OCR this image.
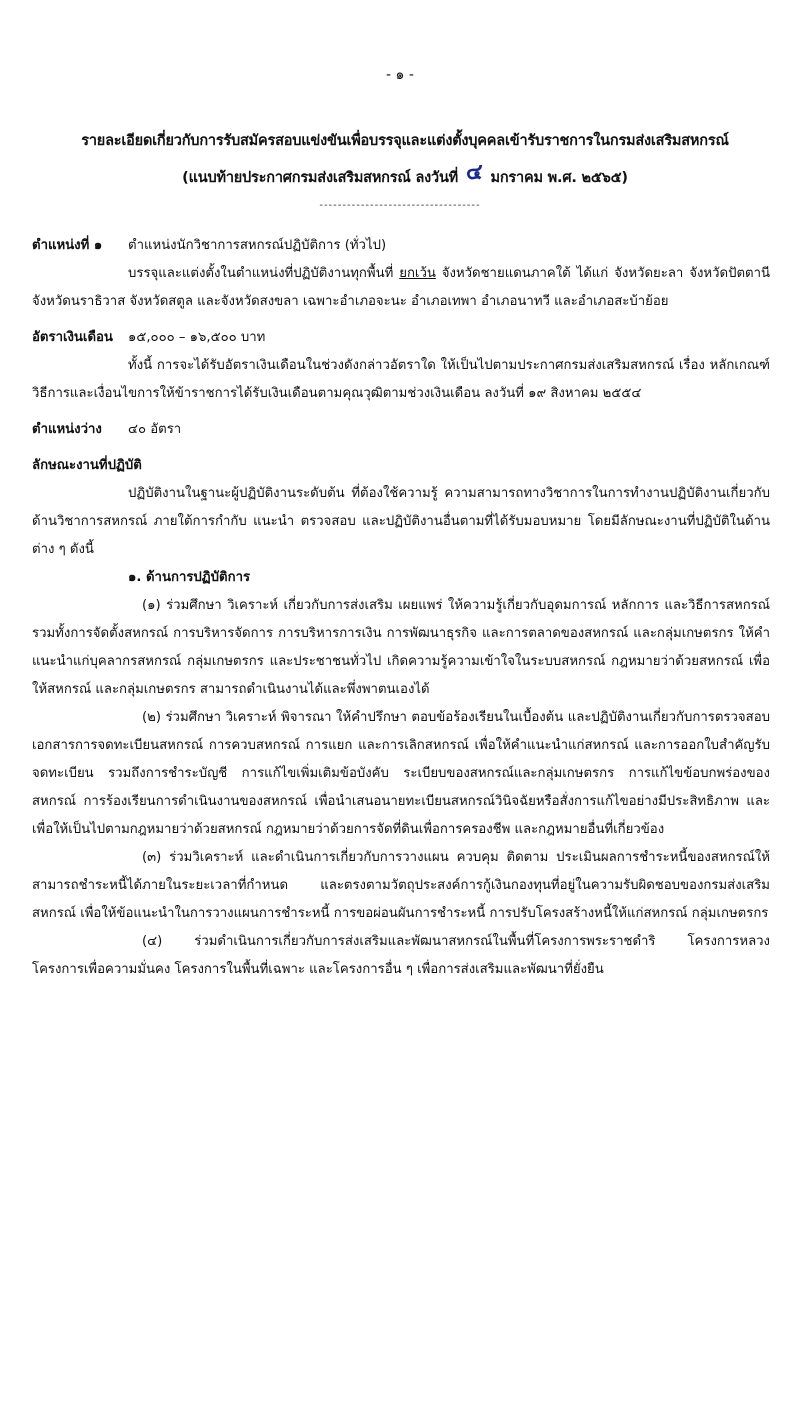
- ๑ -
รายละเอียดเกี่ยวกับการรับสมัครสอบแข่งขันเพื่อบรรจุและแต่งตั้งบุคคลเข้ารับราชการในกรมส่งเสริมสหกรณ์
(แนบท้ายประกาศกรมส่งเสริมสหกรณ์ ลงวันที่ ๔ มกราคม พ.ศ. ๒๕๖๕)
-----------------------------------
ตำแหน่งที่ ๑ ตำแหน่งนักวิชาการสหกรณ์ปฏิบัติการ (ทั่วไป)
บรรจุและแต่งตั้งในตำแหน่งที่ปฏิบัติงานทุกพื้นที่ ยกเว้น จังหวัดชายแดนภาคใต้ ได้แก่ จังหวัดยะลา จังหวัดปัตตานี จังหวัดนราธิวาส จังหวัดสตูล และจังหวัดสงขลา เฉพาะอำเภอจะนะ อำเภอเทพา อำเภอนาทวี และอำเภอสะบ้าย้อย
อัตราเงินเดือน ๑๕,๐๐๐ – ๑๖,๕๐๐ บาท
ทั้งนี้ การจะได้รับอัตราเงินเดือนในช่วงดังกล่าวอัตราใด ให้เป็นไปตามประกาศกรมส่งเสริมสหกรณ์ เรื่อง หลักเกณฑ์ วิธีการและเงื่อนไขการให้ข้าราชการได้รับเงินเดือนตามคุณวุฒิตามช่วงเงินเดือน ลงวันที่ ๑๙ สิงหาคม ๒๕๕๔
ตำแหน่งว่าง ๔๐ อัตรา
ลักษณะงานที่ปฏิบัติ
ปฏิบัติงานในฐานะผู้ปฏิบัติงานระดับต้น ที่ต้องใช้ความรู้ ความสามารถทางวิชาการในการทำงานปฏิบัติงานเกี่ยวกับด้านวิชาการสหกรณ์ ภายใต้การกำกับ แนะนำ ตรวจสอบ และปฏิบัติงานอื่นตามที่ได้รับมอบหมาย โดยมีลักษณะงานที่ปฏิบัติในด้านต่าง ๆ ดังนี้
๑. ด้านการปฏิบัติการ
(๑) ร่วมศึกษา วิเคราะห์ เกี่ยวกับการส่งเสริม เผยแพร่ ให้ความรู้เกี่ยวกับอุดมการณ์ หลักการ และวิธีการสหกรณ์ รวมทั้งการจัดตั้งสหกรณ์ การบริหารจัดการ การบริหารการเงิน การพัฒนาธุรกิจ และการตลาดของสหกรณ์ และกลุ่มเกษตรกร ให้คำแนะนำแก่บุคลากรสหกรณ์ กลุ่มเกษตรกร และประชาชนทั่วไป เกิดความรู้ความเข้าใจในระบบสหกรณ์ กฎหมายว่าด้วยสหกรณ์ เพื่อให้สหกรณ์ และกลุ่มเกษตรกร สามารถดำเนินงานได้และพึ่งพาตนเองได้
(๒) ร่วมศึกษา วิเคราะห์ พิจารณา ให้คำปรึกษา ตอบข้อร้องเรียนในเบื้องต้น และปฏิบัติงานเกี่ยวกับการตรวจสอบเอกสารการจดทะเบียนสหกรณ์ การควบสหกรณ์ การแยก และการเลิกสหกรณ์ เพื่อให้คำแนะนำแก่สหกรณ์ และการออกใบสำคัญรับจดทะเบียน รวมถึงการชำระบัญชี การแก้ไขเพิ่มเติมข้อบังคับ ระเบียบของสหกรณ์และกลุ่มเกษตรกร การแก้ไขข้อบกพร่องของสหกรณ์ การร้องเรียนการดำเนินงานของสหกรณ์ เพื่อนำเสนอนายทะเบียนสหกรณ์วินิจฉัยหรือสั่งการแก้ไขอย่างมีประสิทธิภาพ และเพื่อให้เป็นไปตามกฎหมายว่าด้วยสหกรณ์ กฎหมายว่าด้วยการจัดที่ดินเพื่อการครองชีพ และกฎหมายอื่นที่เกี่ยวข้อง
(๓) ร่วมวิเคราะห์ และดำเนินการเกี่ยวกับการวางแผน ควบคุม ติดตาม ประเมินผลการชำระหนี้ของสหกรณ์ให้สามารถชำระหนี้ได้ภายในระยะเวลาที่กำหนด และตรงตามวัตถุประสงค์การกู้เงินกองทุนที่อยู่ในความรับผิดชอบของกรมส่งเสริมสหกรณ์ เพื่อให้ข้อแนะนำในการวางแผนการชำระหนี้ การขอผ่อนผันการชำระหนี้ การปรับโครงสร้างหนี้ให้แก่สหกรณ์ กลุ่มเกษตรกร
(๔) ร่วมดำเนินการเกี่ยวกับการส่งเสริมและพัฒนาสหกรณ์ในพื้นที่โครงการพระราชดำริ โครงการหลวง โครงการเพื่อความมั่นคง โครงการในพื้นที่เฉพาะ และโครงการอื่น ๆ เพื่อการส่งเสริมและพัฒนาที่ยั่งยืน
